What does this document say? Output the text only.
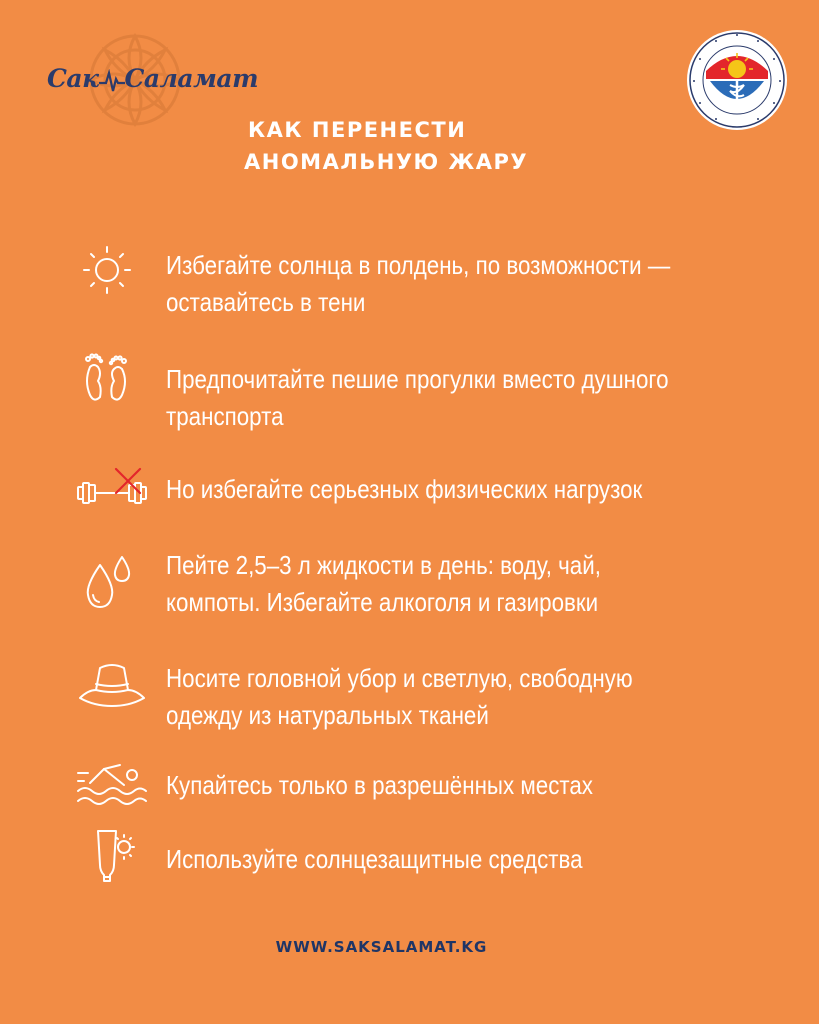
Сак Саламат
КАК ПЕРЕНЕСТИ
АНОМАЛЬНУЮ ЖАРУ
Избегайте солнца в полдень, по возможности —
оставайтесь в тени
Предпочитайте пешие прогулки вместо душного
транспорта
Но избегайте серьезных физических нагрузок
Пейте 2,5–3 л жидкости в день: воду, чай,
компоты. Избегайте алкоголя и газировки
Носите головной убор и светлую, свободную
одежду из натуральных тканей
Купайтесь только в разрешённых местах
Используйте солнцезащитные средства
WWW.SAKSALAMAT.KG
